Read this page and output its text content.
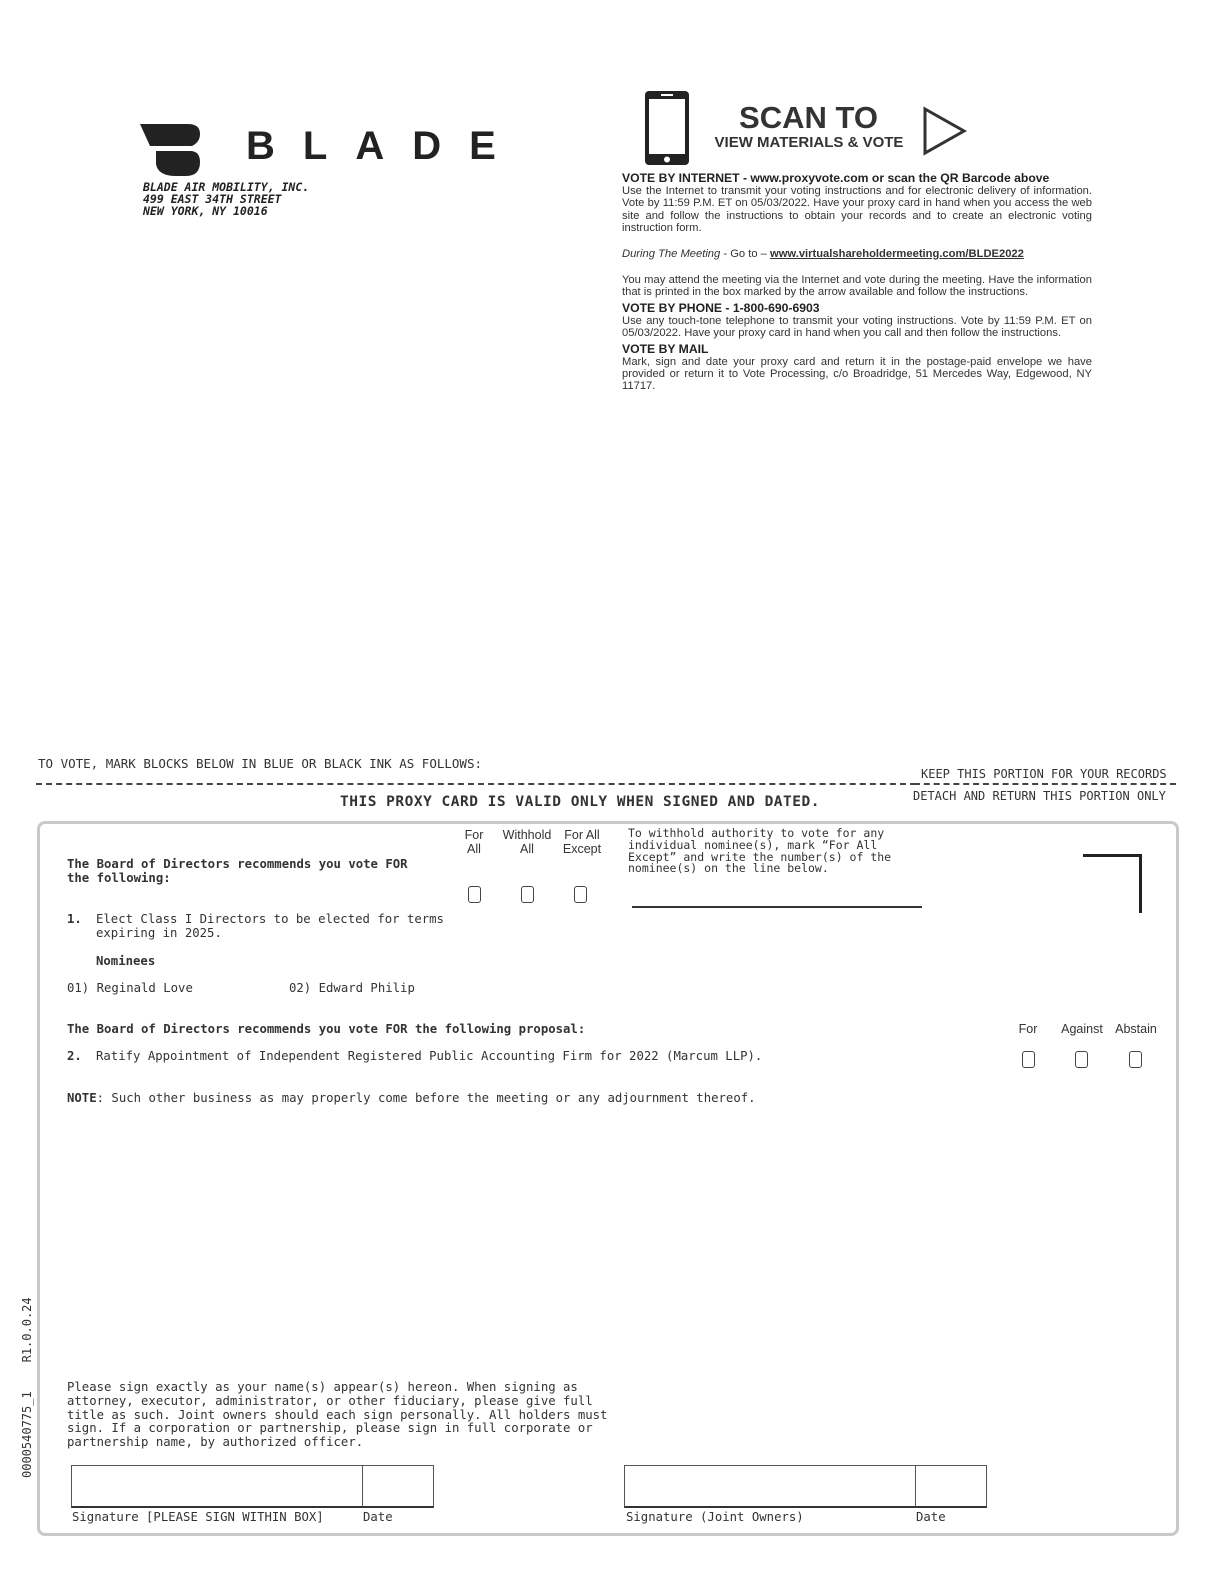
BLADE
BLADE AIR MOBILITY, INC.
499 EAST 34TH STREET
NEW YORK, NY 10016
SCAN TO
VIEW MATERIALS & VOTE
VOTE BY INTERNET - www.proxyvote.com or scan the QR Barcode above

Use the Internet to transmit your voting instructions and for electronic delivery of information. Vote by 11:59 P.M. ET on 05/03/2022. Have your proxy card in hand when you access the web site and follow the instructions to obtain your records and to create an electronic voting instruction form.

During The Meeting - Go to – www.virtualshareholdermeeting.com/BLDE2022

You may attend the meeting via the Internet and vote during the meeting. Have the information that is printed in the box marked by the arrow available and follow the instructions.

VOTE BY PHONE - 1-800-690-6903

Use any touch-tone telephone to transmit your voting instructions. Vote by 11:59 P.M. ET on 05/03/2022. Have your proxy card in hand when you call and then follow the instructions.

VOTE BY MAIL

Mark, sign and date your proxy card and return it in the postage-paid envelope we have provided or return it to Vote Processing, c/o Broadridge, 51 Mercedes Way, Edgewood, NY 11717.

TO VOTE, MARK BLOCKS BELOW IN BLUE OR BLACK INK AS FOLLOWS:
KEEP THIS PORTION FOR YOUR RECORDS
DETACH AND RETURN THIS PORTION ONLY
THIS PROXY CARD IS VALID ONLY WHEN SIGNED AND DATED.
The Board of Directors recommends you vote FOR
the following:
For
All
Withhold
All
For All
Except
To withhold authority to vote for any
individual nominee(s), mark “For All
Except” and write the number(s) of the
nominee(s) on the line below.
1. Elect Class I Directors to be elected for terms
expiring in 2025.
Nominees
01) Reginald Love	02) Edward Philip
The Board of Directors recommends you vote FOR the following proposal:	For	Against Abstain
2. Ratify Appointment of Independent Registered Public Accounting Firm for 2022 (Marcum LLP).
NOTE: Such other business as may properly come before the meeting or any adjournment thereof.
Please sign exactly as your name(s) appear(s) hereon. When signing as
attorney, executor, administrator, or other fiduciary, please give full
title as such. Joint owners should each sign personally. All holders must
sign. If a corporation or partnership, please sign in full corporate or
partnership name, by authorized officer.
Signature [PLEASE SIGN WITHIN BOX]	Date	Signature (Joint Owners)	Date
0000540775_1    R1.0.0.24
